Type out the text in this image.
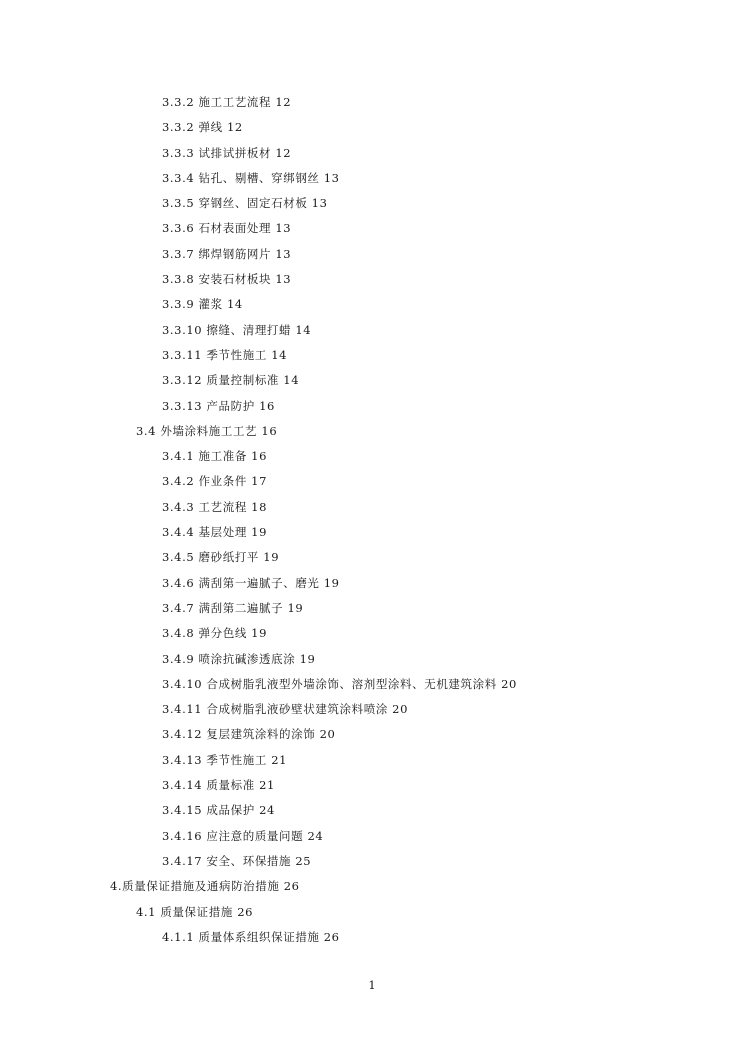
3.3.2 施工工艺流程 12
3.3.2 弹线 12
3.3.3 试排试拼板材 12
3.3.4 钻孔、剔槽、穿绑钢丝 13
3.3.5 穿钢丝、固定石材板 13
3.3.6 石材表面处理 13
3.3.7 绑焊钢筋网片 13
3.3.8 安装石材板块 13
3.3.9 灌浆 14
3.3.10 擦缝、清理打蜡 14
3.3.11 季节性施工 14
3.3.12 质量控制标准 14
3.3.13 产品防护 16
3.4 外墙涂料施工工艺 16
3.4.1 施工准备 16
3.4.2 作业条件 17
3.4.3 工艺流程 18
3.4.4 基层处理 19
3.4.5 磨砂纸打平 19
3.4.6 满刮第一遍腻子、磨光 19
3.4.7 满刮第二遍腻子 19
3.4.8 弹分色线 19
3.4.9 喷涂抗碱渗透底涂 19
3.4.10 合成树脂乳液型外墙涂饰、溶剂型涂料、无机建筑涂料 20
3.4.11 合成树脂乳液砂壁状建筑涂料喷涂 20
3.4.12 复层建筑涂料的涂饰 20
3.4.13 季节性施工 21
3.4.14 质量标准 21
3.4.15 成品保护 24
3.4.16 应注意的质量问题 24
3.4.17 安全、环保措施 25
4.质量保证措施及通病防治措施 26
4.1 质量保证措施 26
4.1.1 质量体系组织保证措施 26
1
